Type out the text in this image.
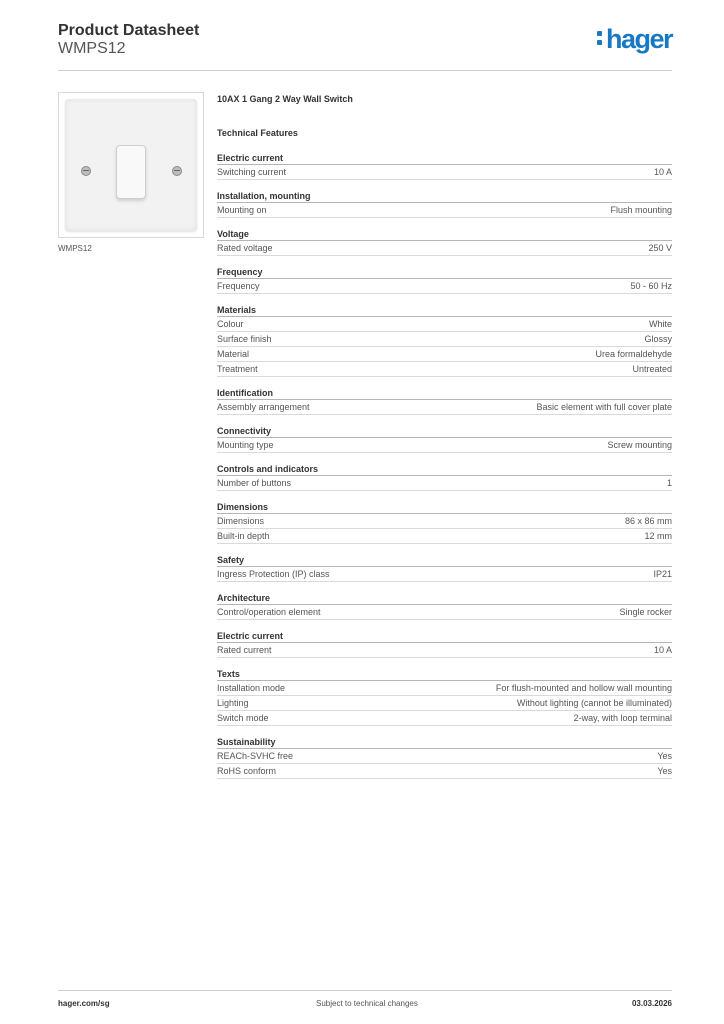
Product Datasheet
WMPS12	hager
WMPS12
10AX 1 Gang 2 Way Wall Switch
Technical Features
Electric current
Switching current	10 A
Installation, mounting
Mounting on	Flush mounting
Voltage
Rated voltage	250 V
Frequency
Frequency	50 - 60 Hz
Materials
Colour	White
Surface finish	Glossy
Material	Urea formaldehyde
Treatment	Untreated
Identification
Assembly arrangement	Basic element with full cover plate
Connectivity
Mounting type	Screw mounting
Controls and indicators
Number of buttons	1
Dimensions
Dimensions	86 x 86 mm
Built-in depth	12 mm
Safety
Ingress Protection (IP) class	IP21
Architecture
Control/operation element	Single rocker
Electric current
Rated current	10 A
Texts
Installation mode	For flush-mounted and hollow wall mounting
Lighting	Without lighting (cannot be illuminated)
Switch mode	2-way, with loop terminal
Sustainability
REACh-SVHC free	Yes
RoHS conform	Yes
hager.com/sg	Subject to technical changes	03.03.2026
